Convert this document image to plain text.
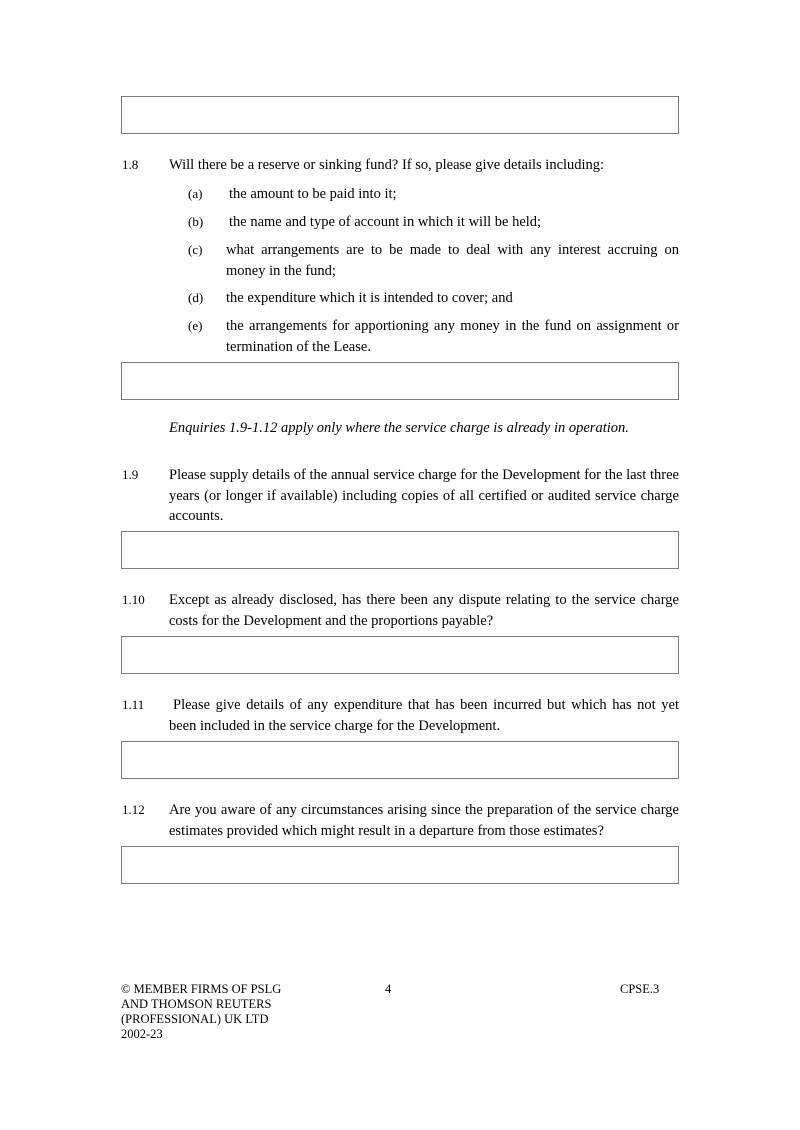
1.8 Will there be a reserve or sinking fund? If so, please give details including:
(a) the amount to be paid into it;
(b) the name and type of account in which it will be held;
(c) what arrangements are to be made to deal with any interest accruing on money in the fund;
(d) the expenditure which it is intended to cover; and
(e) the arrangements for apportioning any money in the fund on assignment or termination of the Lease.
Enquiries 1.9-1.12 apply only where the service charge is already in operation.
1.9 Please supply details of the annual service charge for the Development for the last three years (or longer if available) including copies of all certified or audited service charge accounts.
1.10 Except as already disclosed, has there been any dispute relating to the service charge costs for the Development and the proportions payable?
1.11 Please give details of any expenditure that has been incurred but which has not yet been included in the service charge for the Development.
1.12 Are you aware of any circumstances arising since the preparation of the service charge estimates provided which might result in a departure from those estimates?
© MEMBER FIRMS OF PSLG
AND THOMSON REUTERS
(PROFESSIONAL) UK LTD
2002-23
4	CPSE.3
